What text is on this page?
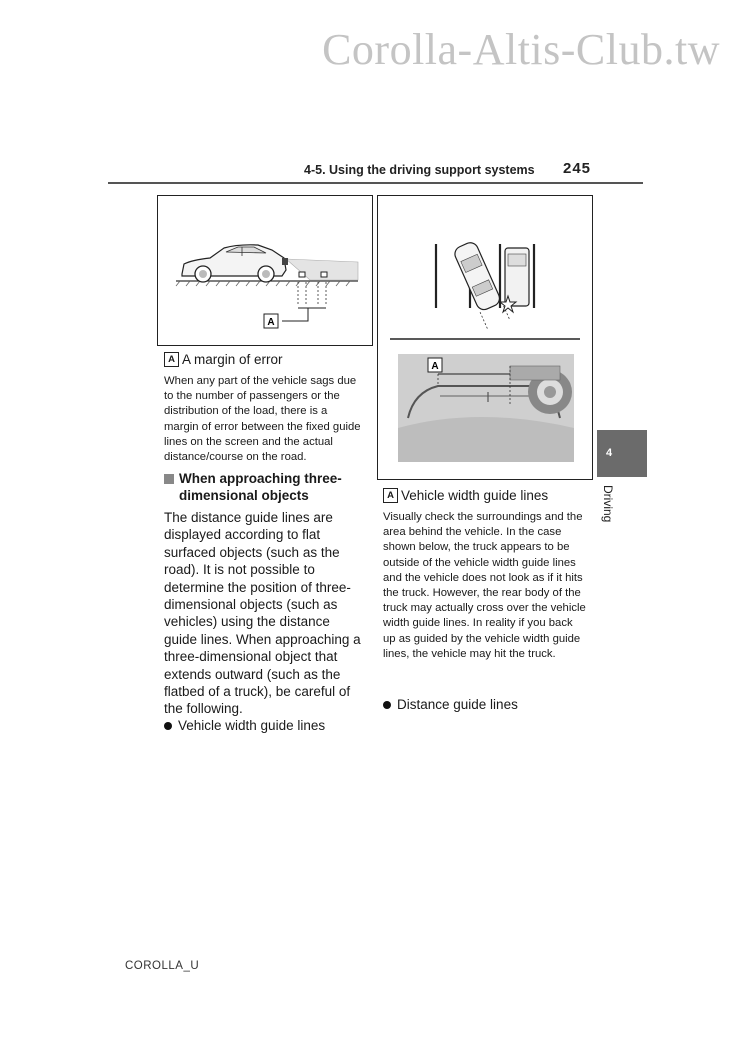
Corolla-Altis-Club.tw
4-5. Using the driving support systems 245
A
A
A A margin of error

When any part of the vehicle sags due to the number of passengers or the distribution of the load, there is a margin of error between the fixed guide lines on the screen and the actual distance/course on the road.

When approaching three-dimensional objects

The distance guide lines are displayed according to flat surfaced objects (such as the road). It is not possible to determine the position of three-dimensional objects (such as vehicles) using the distance guide lines. When approaching a three-dimensional object that extends outward (such as the flatbed of a truck), be careful of the following.

Vehicle width guide lines
A Vehicle width guide lines

Visually check the surroundings and the area behind the vehicle. In the case shown below, the truck appears to be outside of the vehicle width guide lines and the vehicle does not look as if it hits the truck. However, the rear body of the truck may actually cross over the vehicle width guide lines. In reality if you back up as guided by the vehicle width guide lines, the vehicle may hit the truck.

Distance guide lines
4
Driving
COROLLA_U
